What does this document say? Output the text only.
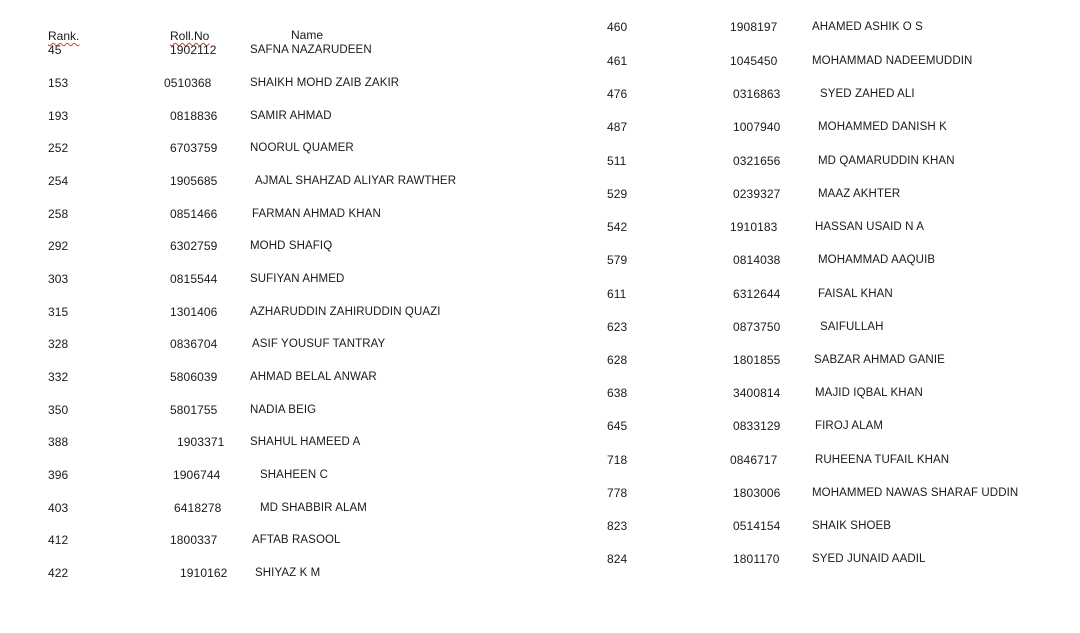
Rank.	Roll.No	Name
45	1902112	SAFNA NAZARUDEEN
153	0510368	SHAIKH MOHD ZAIB ZAKIR
193	0818836	SAMIR AHMAD
252	6703759	NOORUL QUAMER
254	1905685	AJMAL SHAHZAD ALIYAR RAWTHER
258	0851466	FARMAN AHMAD KHAN
292	6302759	MOHD SHAFIQ
303	0815544	SUFIYAN AHMED
315	1301406	AZHARUDDIN ZAHIRUDDIN QUAZI
328	0836704	ASIF YOUSUF TANTRAY
332	5806039	AHMAD BELAL ANWAR
350	5801755	NADIA BEIG
388	1903371 SHAHUL HAMEED A
396	1906744	SHAHEEN C
403	6418278	MD SHABBIR ALAM
412	1800337	AFTAB RASOOL
422	1910162 SHIYAZ K M
460	1908197	AHAMED ASHIK O S
461	1045450	MOHAMMAD NADEEMUDDIN
476	0316863	SYED ZAHED ALI
487	1007940	MOHAMMED DANISH K
511	0321656	MD QAMARUDDIN KHAN
529	0239327	MAAZ AKHTER
542	1910183	HASSAN USAID N A
579	0814038	MOHAMMAD AAQUIB
611	6312644	FAISAL KHAN
623	0873750	SAIFULLAH
628	1801855	SABZAR AHMAD GANIE
638	3400814	MAJID IQBAL KHAN
645	0833129	FIROJ ALAM
718	0846717	RUHEENA TUFAIL KHAN
778	1803006	MOHAMMED NAWAS SHARAF UDDIN
823	0514154	SHAIK SHOEB
824	1801170	SYED JUNAID AADIL
